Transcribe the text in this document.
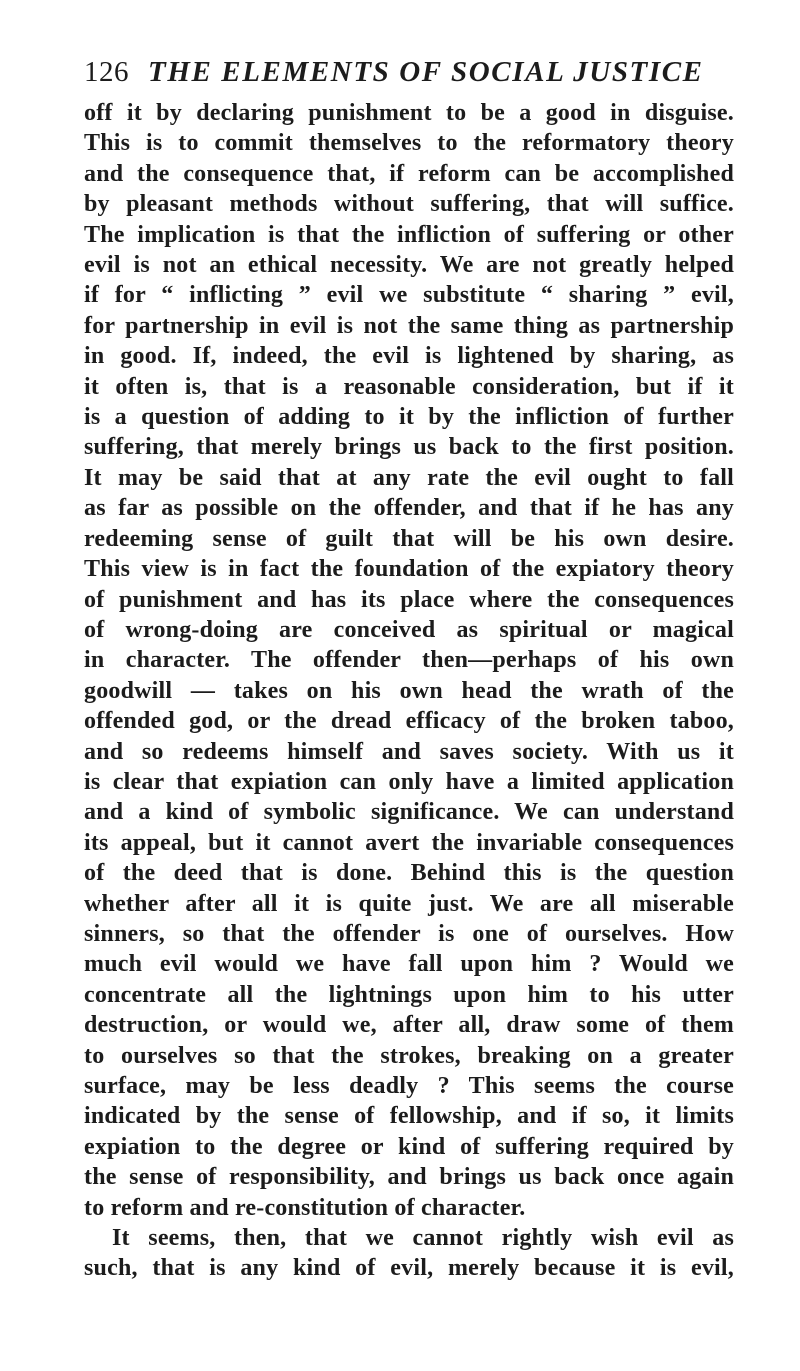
126 THE ELEMENTS OF SOCIAL JUSTICE
off it by declaring punishment to be a good in disguise.
This is to commit themselves to the reformatory theory
and the consequence that, if reform can be accomplished
by pleasant methods without suffering, that will suffice.
The implication is that the infliction of suffering or other
evil is not an ethical necessity. We are not greatly helped
if for “ inflicting ” evil we substitute “ sharing ” evil,
for partnership in evil is not the same thing as partnership
in good. If, indeed, the evil is lightened by sharing, as
it often is, that is a reasonable consideration, but if it
is a question of adding to it by the infliction of further
suffering, that merely brings us back to the first position.
It may be said that at any rate the evil ought to fall
as far as possible on the offender, and that if he has any
redeeming sense of guilt that will be his own desire.
This view is in fact the foundation of the expiatory theory
of punishment and has its place where the consequences
of wrong-doing are conceived as spiritual or magical
in character. The offender then—perhaps of his own
goodwill — takes on his own head the wrath of the
offended god, or the dread efficacy of the broken taboo,
and so redeems himself and saves society. With us it
is clear that expiation can only have a limited application
and a kind of symbolic significance. We can understand
its appeal, but it cannot avert the invariable consequences
of the deed that is done. Behind this is the question
whether after all it is quite just. We are all miserable
sinners, so that the offender is one of ourselves. How
much evil would we have fall upon him ? Would we
concentrate all the lightnings upon him to his utter
destruction, or would we, after all, draw some of them
to ourselves so that the strokes, breaking on a greater
surface, may be less deadly ? This seems the course
indicated by the sense of fellowship, and if so, it limits
expiation to the degree or kind of suffering required by
the sense of responsibility, and brings us back once again
to reform and re-constitution of character.
It seems, then, that we cannot rightly wish evil as
such, that is any kind of evil, merely because it is evil,
